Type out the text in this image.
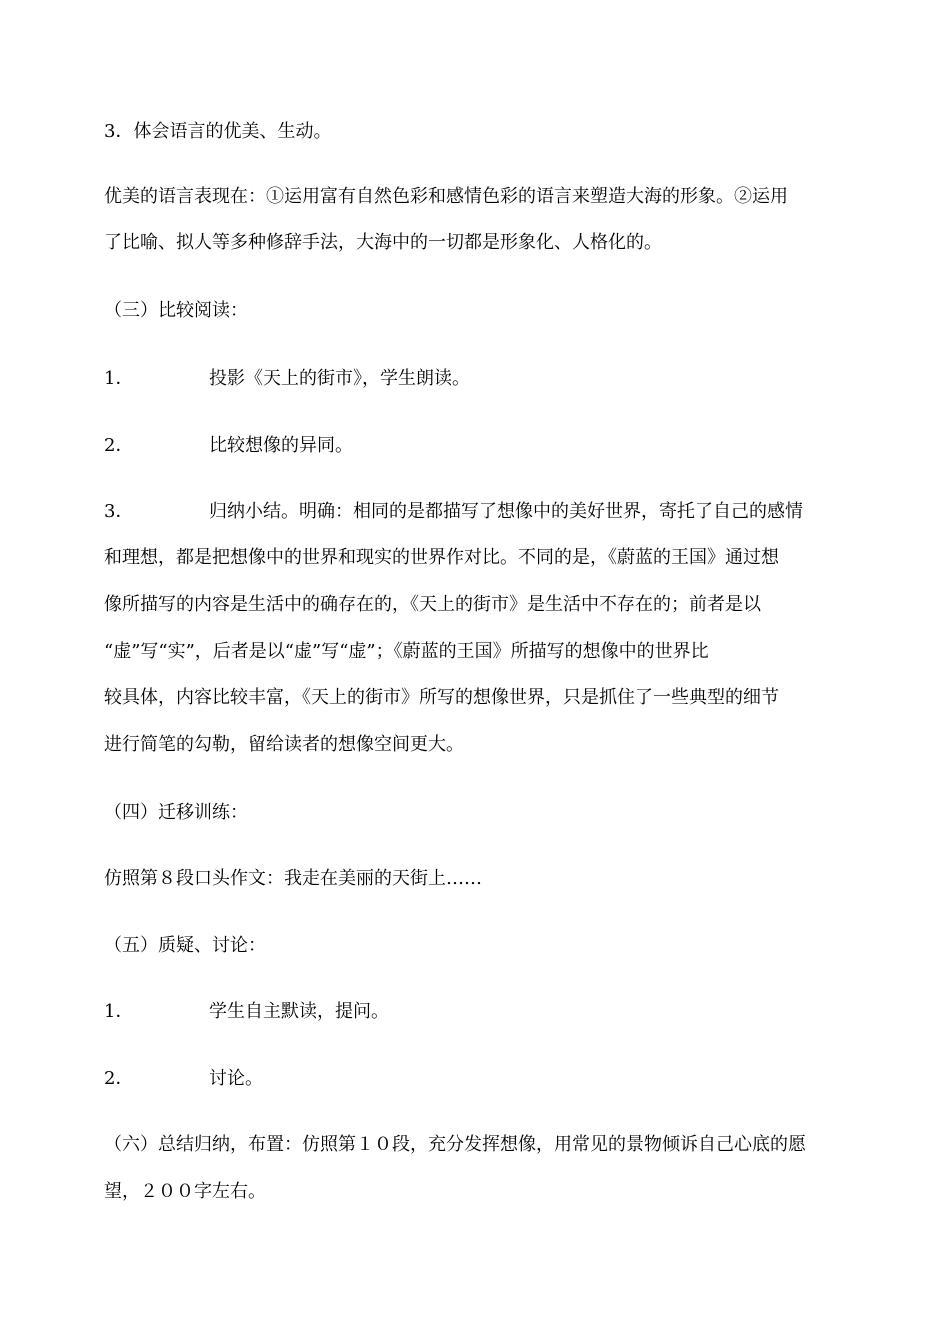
3．体会语言的优美、生动。
优美的语言表现在：①运用富有自然色彩和感情色彩的语言来塑造大海的形象。②运用
了比喻、拟人等多种修辞手法，大海中的一切都是形象化、人格化的。
（三）比较阅读：
1．	投影《天上的街市》，学生朗读。
2．	比较想像的异同。
3．	归纳小结。明确：相同的是都描写了想像中的美好世界，寄托了自己的感情
和理想，都是把想像中的世界和现实的世界作对比。不同的是，《蔚蓝的王国》通过想
像所描写的内容是生活中的确存在的，《天上的街市》是生活中不存在的；前者是以
“虚”写“实”，后者是以“虚”写“虚”；《蔚蓝的王国》所描写的想像中的世界比
较具体，内容比较丰富，《天上的街市》所写的想像世界，只是抓住了一些典型的细节
进行简笔的勾勒，留给读者的想像空间更大。
（四）迁移训练：
仿照第８段口头作文：我走在美丽的天街上……
（五）质疑、讨论：
1．	学生自主默读，提问。
2．	讨论。
（六）总结归纳，布置：仿照第１０段，充分发挥想像，用常见的景物倾诉自己心底的愿
望，２００字左右。
